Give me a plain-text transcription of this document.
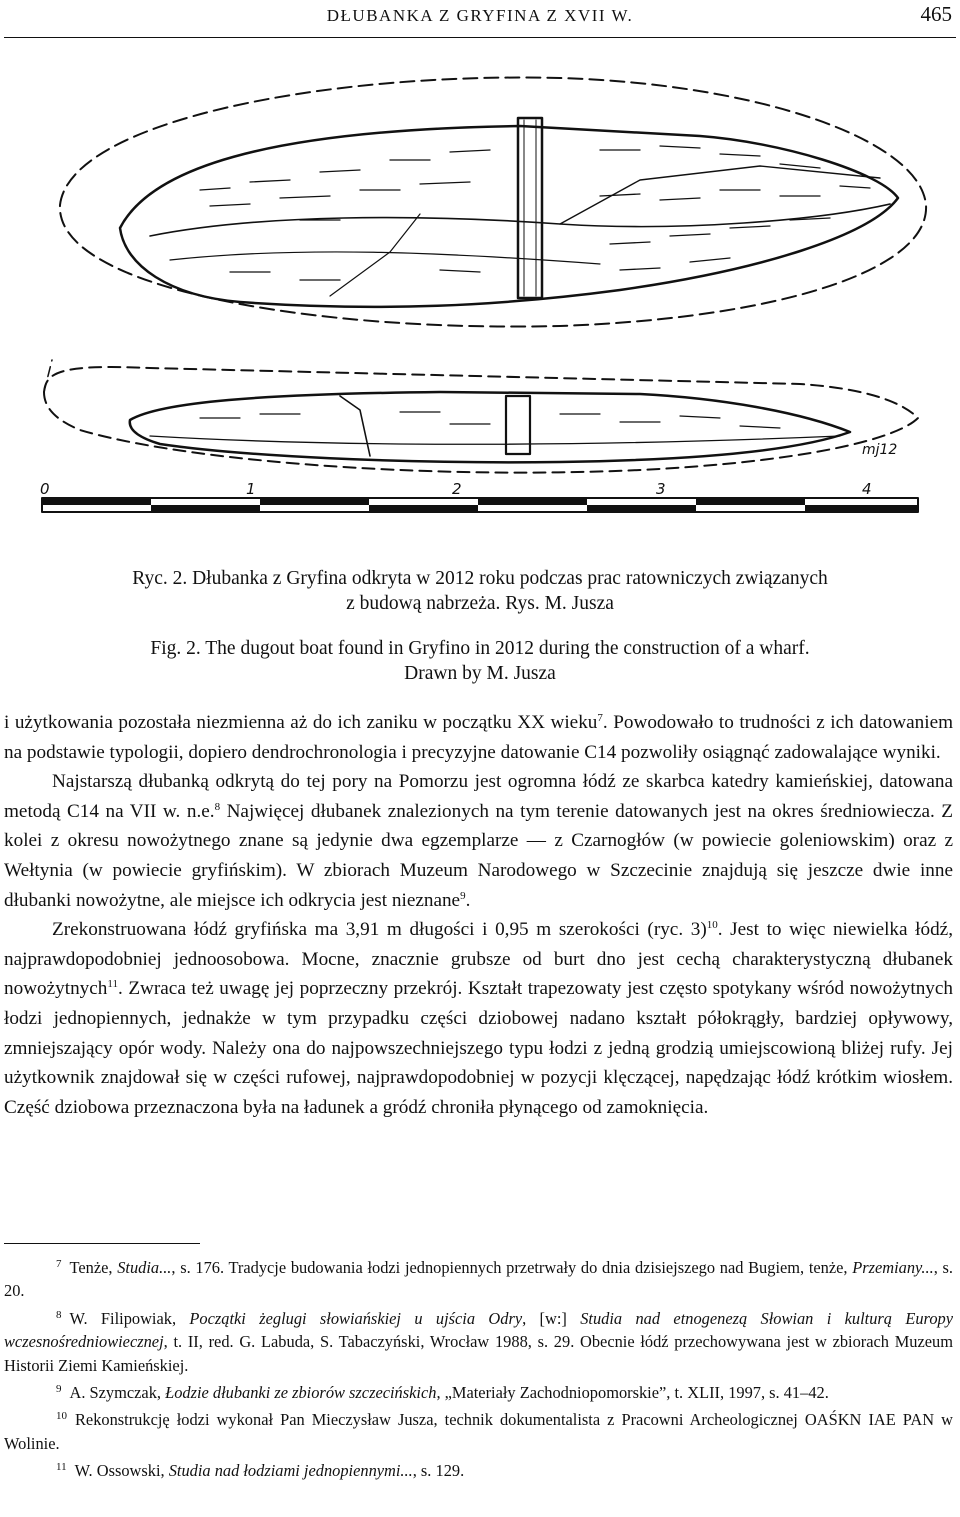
DŁUBANKA Z GRYFINA Z XVII W.	465
0	1	2	3	4
mj12
Ryc. 2. Dłubanka z Gryfina odkryta w 2012 roku podczas prac ratowniczych związanych
z budową nabrzeża. Rys. M. Jusza
Fig. 2. The dugout boat found in Gryfino in 2012 during the construction of a wharf.
Drawn by M. Jusza

i użytkowania pozostała niezmienna aż do ich zaniku w początku XX wieku$^7$. Powodowało to trudności z ich datowaniem na podstawie typologii, dopiero dendrochronologia i precyzyjne datowanie C14 pozwoliły osiągnąć zadowalające wyniki.

Najstarszą dłubanką odkrytą do tej pory na Pomorzu jest ogromna łódź ze skarbca katedry kamieńskiej, datowana metodą C14 na VII w. n.e.$^8$ Najwięcej dłubanek znalezionych na tym terenie datowanych jest na okres średniowiecza. Z kolei z okresu nowożytnego znane są jedynie dwa egzemplarze — z Czarnogłów (w powiecie goleniowskim) oraz z Wełtynia (w powiecie gryfińskim). W zbiorach Muzeum Narodowego w Szczecinie znajdują się jeszcze dwie inne dłubanki nowożytne, ale miejsce ich odkrycia jest nieznane$^9$.

Zrekonstruowana łódź gryfińska ma 3,91 m długości i 0,95 m szerokości (ryc. 3)$^{10}$. Jest to więc niewielka łódź, najprawdopodobniej jednoosobowa. Mocne, znacznie grubsze od burt dno jest cechą charakterystyczną dłubanek nowożytnych$^{11}$. Zwraca też uwagę jej poprzeczny przekrój. Kształt trapezowaty jest często spotykany wśród nowożytnych łodzi jednopiennych, jednakże w tym przypadku części dziobowej nadano kształt półokrągły, bardziej opływowy, zmniejszający opór wody. Należy ona do najpowszechniejszego typu łodzi z jedną grodzią umiejscowioną bliżej rufy. Jej użytkownik znajdował się w części rufowej, najprawdopodobniej w pozycji klęczącej, napędzając łódź krótkim wiosłem. Część dziobowa przeznaczona była na ładunek a gródź chroniła płynącego od zamoknięcia.

$^7$ Tenże, Studia..., s. 176. Tradycje budowania łodzi jednopiennych przetrwały do dnia dzisiejszego nad Bugiem, tenże, Przemiany..., s. 20.

$^8$ W. Filipowiak, Początki żeglugi słowiańskiej u ujścia Odry, [w:] Studia nad etnogenezą Słowian i kulturą Europy wczesnośredniowiecznej, t. II, red. G. Labuda, S. Tabaczyński, Wrocław 1988, s. 29. Obecnie łódź przechowywana jest w zbiorach Muzeum Historii Ziemi Kamieńskiej.

$^9$ A. Szymczak, Łodzie dłubanki ze zbiorów szczecińskich, „Materiały Zachodniopomorskie”, t. XLII, 1997, s. 41–42.

$^{10}$ Rekonstrukcję łodzi wykonał Pan Mieczysław Jusza, technik dokumentalista z Pracowni Archeologicznej OAŚKN IAE PAN w Wolinie.

$^{11}$ W. Ossowski, Studia nad łodziami jednopiennymi..., s. 129.
